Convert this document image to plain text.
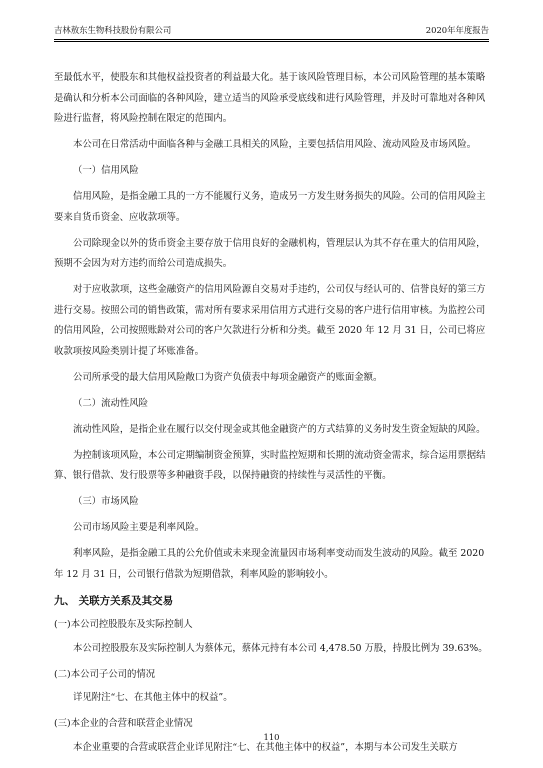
吉林敖东生物科技股份有限公司	2020年年度报告

至最低水平，使股东和其他权益投资者的利益最大化。基于该风险管理目标，本公司风险管理的基本策略是确认和分析本公司面临的各种风险，建立适当的风险承受底线和进行风险管理，并及时可靠地对各种风险进行监督，将风险控制在限定的范围内。

本公司在日常活动中面临各种与金融工具相关的风险，主要包括信用风险、流动风险及市场风险。

（一）信用风险

信用风险，是指金融工具的一方不能履行义务，造成另一方发生财务损失的风险。公司的信用风险主要来自货币资金、应收款项等。

公司除现金以外的货币资金主要存放于信用良好的金融机构，管理层认为其不存在重大的信用风险，预期不会因为对方违约而给公司造成损失。

对于应收款项，这些金融资产的信用风险源自交易对手违约，公司仅与经认可的、信誉良好的第三方进行交易。按照公司的销售政策，需对所有要求采用信用方式进行交易的客户进行信用审核。为监控公司的信用风险，公司按照账龄对公司的客户欠款进行分析和分类。截至 2020 年 12 月 31 日，公司已将应收款项按风险类别计提了坏账准备。

公司所承受的最大信用风险敞口为资产负债表中每项金融资产的账面金额。

（二）流动性风险

流动性风险，是指企业在履行以交付现金或其他金融资产的方式结算的义务时发生资金短缺的风险。

为控制该项风险，本公司定期编制资金预算，实时监控短期和长期的流动资金需求，综合运用票据结算、银行借款、发行股票等多种融资手段，以保持融资的持续性与灵活性的平衡。

（三）市场风险

公司市场风险主要是利率风险。

利率风险，是指金融工具的公允价值或未来现金流量因市场利率变动而发生波动的风险。截至 2020 年 12 月 31 日，公司银行借款为短期借款，利率风险的影响较小。

九、 关联方关系及其交易

(一)本公司控股股东及实际控制人

本公司控股股东及实际控制人为蔡体元，蔡体元持有本公司 4,478.50 万股，持股比例为 39.63%。

(二)本公司子公司的情况

详见附注“七、在其他主体中的权益”。

(三)本企业的合营和联营企业情况

本企业重要的合营或联营企业详见附注“七、在其他主体中的权益”，本期与本公司发生关联方

110
